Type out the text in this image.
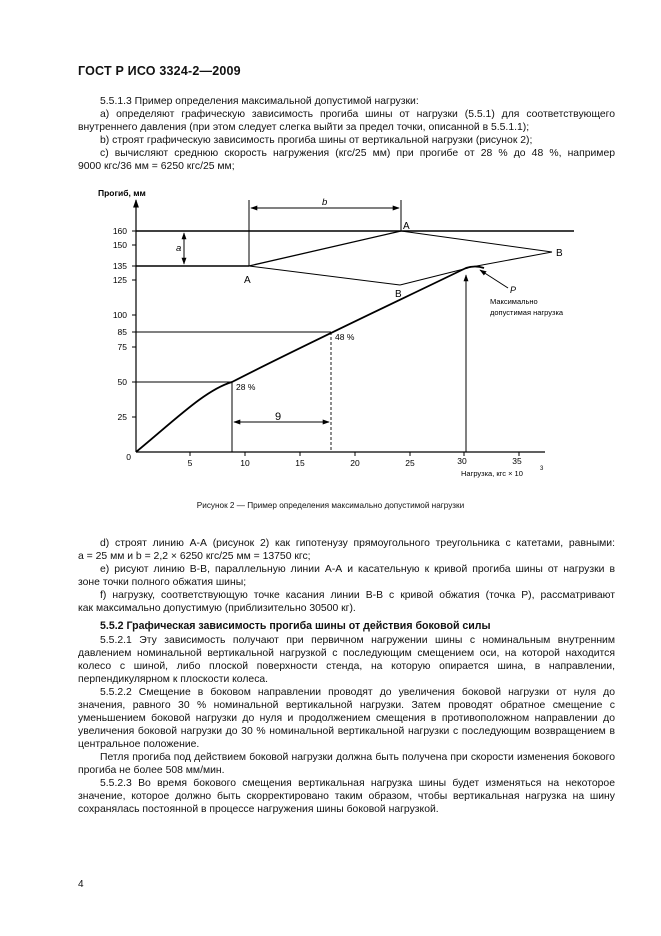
ГОСТ Р ИСО 3324-2—2009
5.5.1.3 Пример определения максимальной допустимой нагрузки:
a) определяют графическую зависимость прогиба шины от нагрузки (5.5.1) для соответствующего
внутреннего давления (при этом следует слегка выйти за предел точки, описанной в 5.5.1.1);
b) строят графическую зависимость прогиба шины от вертикальной нагрузки (рисунок 2);
c) вычисляют среднюю скорость нагружения (кгс/25 мм) при прогибе от 28 % до 48 %, например
9000 кгс/36 мм = 6250 кгс/25 мм;
Прогиб, мм
160
150
135
125
100
85
75
50
25
0
5	10	15	20	25	30	35
Нагрузка, кгс × 10	3
b
a
A
A
B
B
48 %
28 %
9
P
Максимально
допустимая нагрузка
Рисунок 2 — Пример определения максимально допустимой нагрузки
d) строят линию А-А (рисунок 2) как гипотенузу прямоугольного треугольника с катетами, равными:
a = 25 мм и b = 2,2 × 6250 кгс/25 мм = 13750 кгс;
e) рисуют линию B-B, параллельную линии А-А и касательную к кривой прогиба шины от нагрузки в
зоне точки полного обжатия шины;
f) нагрузку, соответствующую точке касания линии В-В с кривой обжатия (точка Р), рассматривают
как максимально допустимую (приблизительно 30500 кг).
5.5.2 Графическая зависимость прогиба шины от действия боковой силы
5.5.2.1 Эту зависимость получают при первичном нагружении шины с номинальным внутренним давлением номинальной вертикальной нагрузкой с последующим смещением оси, на которой находится колесо с шиной, либо плоской поверхности стенда, на которую опирается шина, в направлении, перпендикулярном к плоскости колеса.
5.5.2.2 Смещение в боковом направлении проводят до увеличения боковой нагрузки от нуля до значения, равного 30 % номинальной вертикальной нагрузки. Затем проводят обратное смещение с уменьшением боковой нагрузки до нуля и продолжением смещения в противоположном направлении до увеличения боковой нагрузки до 30 % номинальной вертикальной нагрузки с последующим возвращением в центральное положение.
Петля прогиба под действием боковой нагрузки должна быть получена при скорости изменения бокового прогиба не более 508 мм/мин.
5.5.2.3 Во время бокового смещения вертикальная нагрузка шины будет изменяться на некоторое значение, которое должно быть скорректировано таким образом, чтобы вертикальная нагрузка на шину сохранялась постоянной в процессе нагружения шины боковой нагрузкой.
4
